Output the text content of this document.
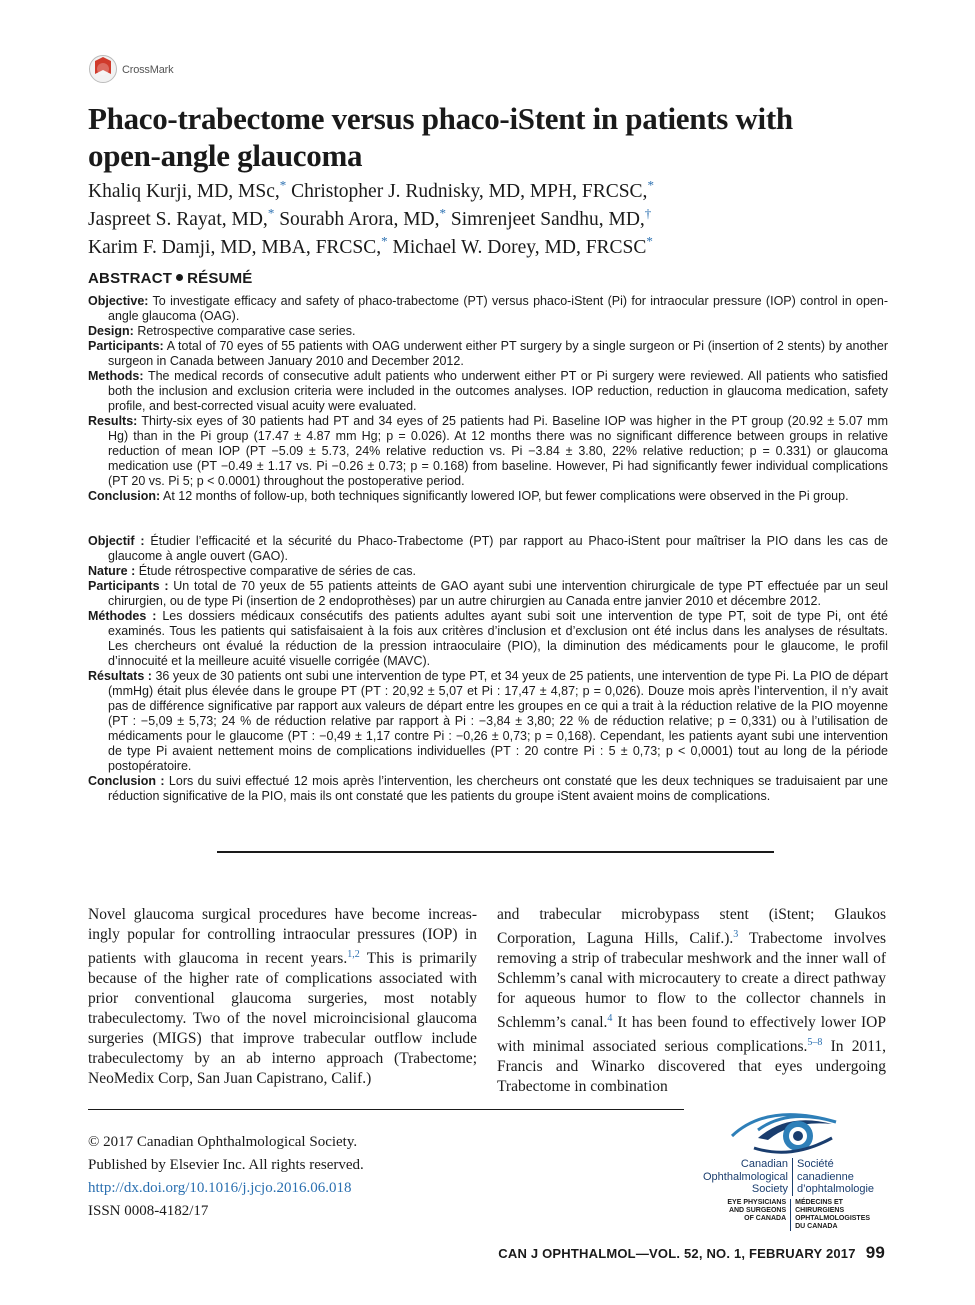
CrossMark
Phaco-trabectome versus phaco-iStent in patients with open-angle glaucoma
Khaliq Kurji, MD, MSc,* Christopher J. Rudnisky, MD, MPH, FRCSC,*
Jaspreet S. Rayat, MD,* Sourabh Arora, MD,* Simrenjeet Sandhu, MD,†
Karim F. Damji, MD, MBA, FRCSC,* Michael W. Dorey, MD, FRCSC*
ABSTRACT RÉSUMÉ
Objective: To investigate efficacy and safety of phaco-trabectome (PT) versus phaco-iStent (Pi) for intraocular pressure (IOP) control in open-angle glaucoma (OAG).
Design: Retrospective comparative case series.
Participants: A total of 70 eyes of 55 patients with OAG underwent either PT surgery by a single surgeon or Pi (insertion of 2 stents) by another surgeon in Canada between January 2010 and December 2012.
Methods: The medical records of consecutive adult patients who underwent either PT or Pi surgery were reviewed. All patients who satisfied both the inclusion and exclusion criteria were included in the outcomes analyses. IOP reduction, reduction in glaucoma medication, safety profile, and best-corrected visual acuity were evaluated.
Results: Thirty-six eyes of 30 patients had PT and 34 eyes of 25 patients had Pi. Baseline IOP was higher in the PT group (20.92 ± 5.07 mm Hg) than in the Pi group (17.47 ± 4.87 mm Hg; p = 0.026). At 12 months there was no significant difference between groups in relative reduction of mean IOP (PT −5.09 ± 5.73, 24% relative reduction vs. Pi −3.84 ± 3.80, 22% relative reduction; p = 0.331) or glaucoma medication use (PT −0.49 ± 1.17 vs. Pi −0.26 ± 0.73; p = 0.168) from baseline. However, Pi had significantly fewer individual complications (PT 20 vs. Pi 5; p < 0.0001) throughout the postoperative period.
Conclusion: At 12 months of follow-up, both techniques significantly lowered IOP, but fewer complications were observed in the Pi group.
Objectif : Étudier l’efficacité et la sécurité du Phaco-Trabectome (PT) par rapport au Phaco-iStent pour maîtriser la PIO dans les cas de glaucome à angle ouvert (GAO).
Nature : Étude rétrospective comparative de séries de cas.
Participants : Un total de 70 yeux de 55 patients atteints de GAO ayant subi une intervention chirurgicale de type PT effectuée par un seul chirurgien, ou de type Pi (insertion de 2 endoprothèses) par un autre chirurgien au Canada entre janvier 2010 et décembre 2012.
Méthodes : Les dossiers médicaux consécutifs des patients adultes ayant subi soit une intervention de type PT, soit de type Pi, ont été examinés. Tous les patients qui satisfaisaient à la fois aux critères d’inclusion et d’exclusion ont été inclus dans les analyses de résultats. Les chercheurs ont évalué la réduction de la pression intraoculaire (PIO), la diminution des médicaments pour le glaucome, le profil d’innocuité et la meilleure acuité visuelle corrigée (MAVC).
Résultats : 36 yeux de 30 patients ont subi une intervention de type PT, et 34 yeux de 25 patients, une intervention de type Pi. La PIO de départ (mmHg) était plus élevée dans le groupe PT (PT : 20,92 ± 5,07 et Pi : 17,47 ± 4,87; p = 0,026). Douze mois après l’intervention, il n’y avait pas de différence significative par rapport aux valeurs de départ entre les groupes en ce qui a trait à la réduction relative de la PIO moyenne (PT : −5,09 ± 5,73; 24 % de réduction relative par rapport à Pi : −3,84 ± 3,80; 22 % de réduction relative; p = 0,331) ou à l’utilisation de médicaments pour le glaucome (PT : −0,49 ± 1,17 contre Pi : −0,26 ± 0,73; p = 0,168). Cependant, les patients ayant subi une intervention de type Pi avaient nettement moins de complications individuelles (PT : 20 contre Pi : 5 ± 0,73; p < 0,0001) tout au long de la période postopératoire.
Conclusion : Lors du suivi effectué 12 mois après l’intervention, les chercheurs ont constaté que les deux techniques se traduisaient par une réduction significative de la PIO, mais ils ont constaté que les patients du groupe iStent avaient moins de complications.
Novel glaucoma surgical procedures have become increas- ingly popular for controlling intraocular pressures (IOP) in patients with glaucoma in recent years.$^{1,2}$ This is primarily because of the higher rate of complications associated with prior conventional glaucoma surgeries, most notably trabeculectomy. Two of the novel microincisional glaucoma surgeries (MIGS) that improve trabecular outflow include trabeculectomy by an ab interno approach (Trabectome; NeoMedix Corp, San Juan Capistrano, Calif.)
and trabecular microbypass stent (iStent; Glaukos Corporation, Laguna Hills, Calif.).$^3$ Trabectome involves removing a strip of trabecular meshwork and the inner wall of Schlemm’s canal with microcautery to create a direct pathway for aqueous humor to flow to the collector channels in Schlemm’s canal.$^4$ It has been found to effectively lower IOP with minimal associated serious complications.$^{5-8}$ In 2011, Francis and Winarko discovered that eyes undergoing Trabectome in combination
© 2017 Canadian Ophthalmological Society.
Published by Elsevier Inc. All rights reserved.
http://dx.doi.org/10.1016/j.jcjo.2016.06.018
ISSN 0008-4182/17
Canadian
Ophthalmological
Society
Société
canadienne
d’ophtalmologie
EYE PHYSICIANS
AND SURGEONS
OF CANADA
MÉDECINS ET CHIRURGIENS
OPHTALMOLOGISTES
DU CANADA
CAN J OPHTHALMOL—VOL. 52, NO. 1, FEBRUARY 2017 99
